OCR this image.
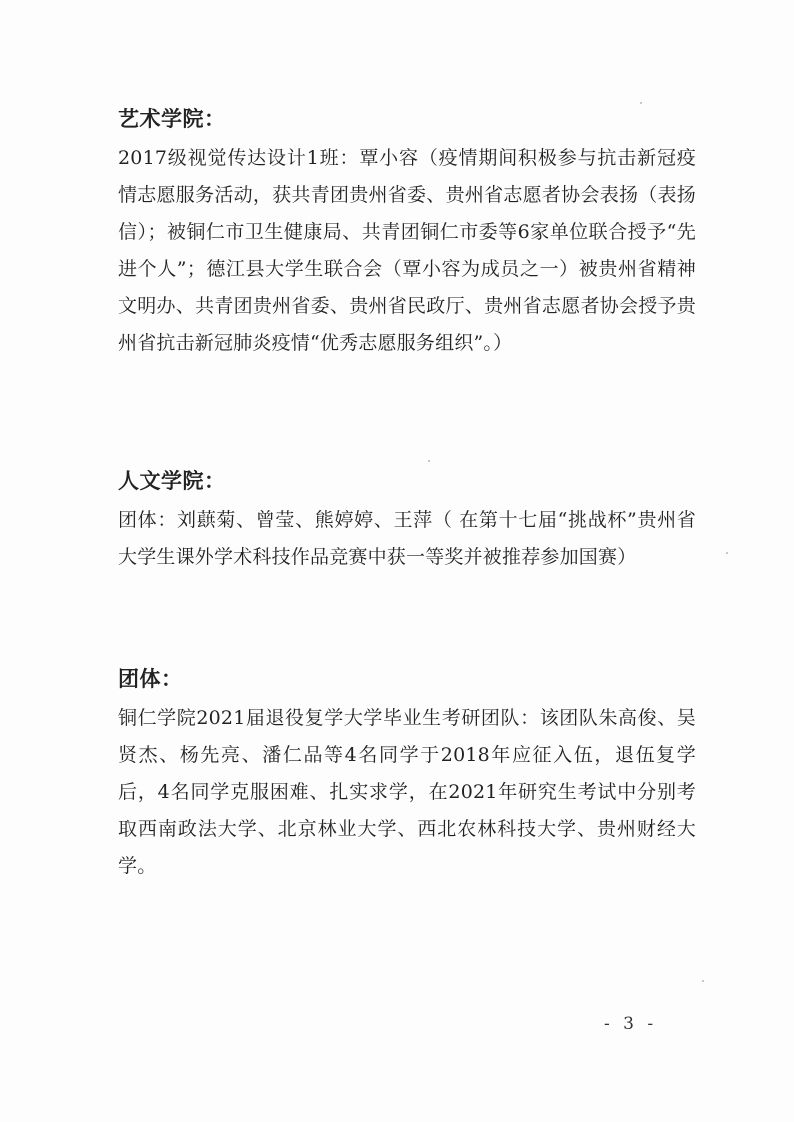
艺术学院：

2017级视觉传达设计1班：覃小容（疫情期间积极参与抗击新冠疫情志愿服务活动，获共青团贵州省委、贵州省志愿者协会表扬（表扬信）；被铜仁市卫生健康局、共青团铜仁市委等6家单位联合授予“先进个人”；德江县大学生联合会（覃小容为成员之一）被贵州省精神文明办、共青团贵州省委、贵州省民政厅、贵州省志愿者协会授予贵州省抗击新冠肺炎疫情“优秀志愿服务组织”。）

人文学院：

团体：刘蕻菊、曾莹、熊婷婷、王萍（ 在第十七届“挑战杯”贵州省大学生课外学术科技作品竞赛中获一等奖并被推荐参加国赛）

团体：

铜仁学院2021届退役复学大学毕业生考研团队：该团队朱高俊、吴贤杰、杨先亮、潘仁品等4名同学于2018年应征入伍，退伍复学后，4名同学克服困难、扎实求学，在2021年研究生考试中分别考取西南政法大学、北京林业大学、西北农林科技大学、贵州财经大学。

- 3 -
